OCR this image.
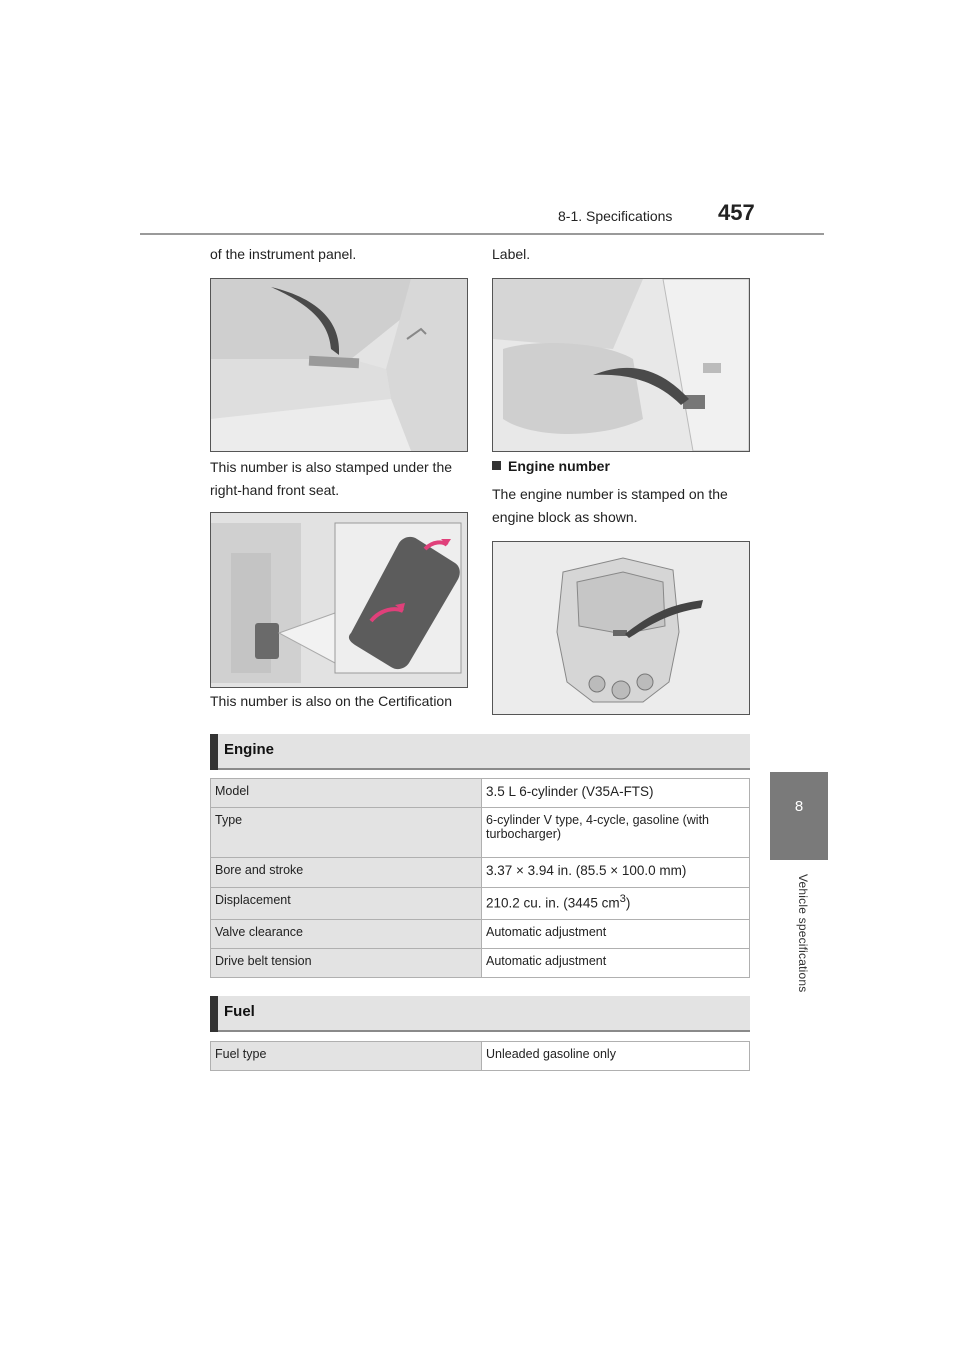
8-1. Specifications 457
8
Vehicle specifications
of the instrument panel.
This number is also stamped under the
right-hand front seat.
This number is also on the Certification
Label.
Engine number
The engine number is stamped on the
engine block as shown.
Engine
Model	3.5 L 6-cylinder (V35A-FTS)
Type	6-cylinder V type, 4-cycle, gasoline (with
turbocharger)
Bore and stroke	3.37 × 3.94 in. (85.5 × 100.0 mm)
Displacement	210.2 cu. in. (3445 $cm^3$)
Valve clearance	Automatic adjustment
Drive belt tension	Automatic adjustment
Fuel
Fuel type	Unleaded gasoline only
